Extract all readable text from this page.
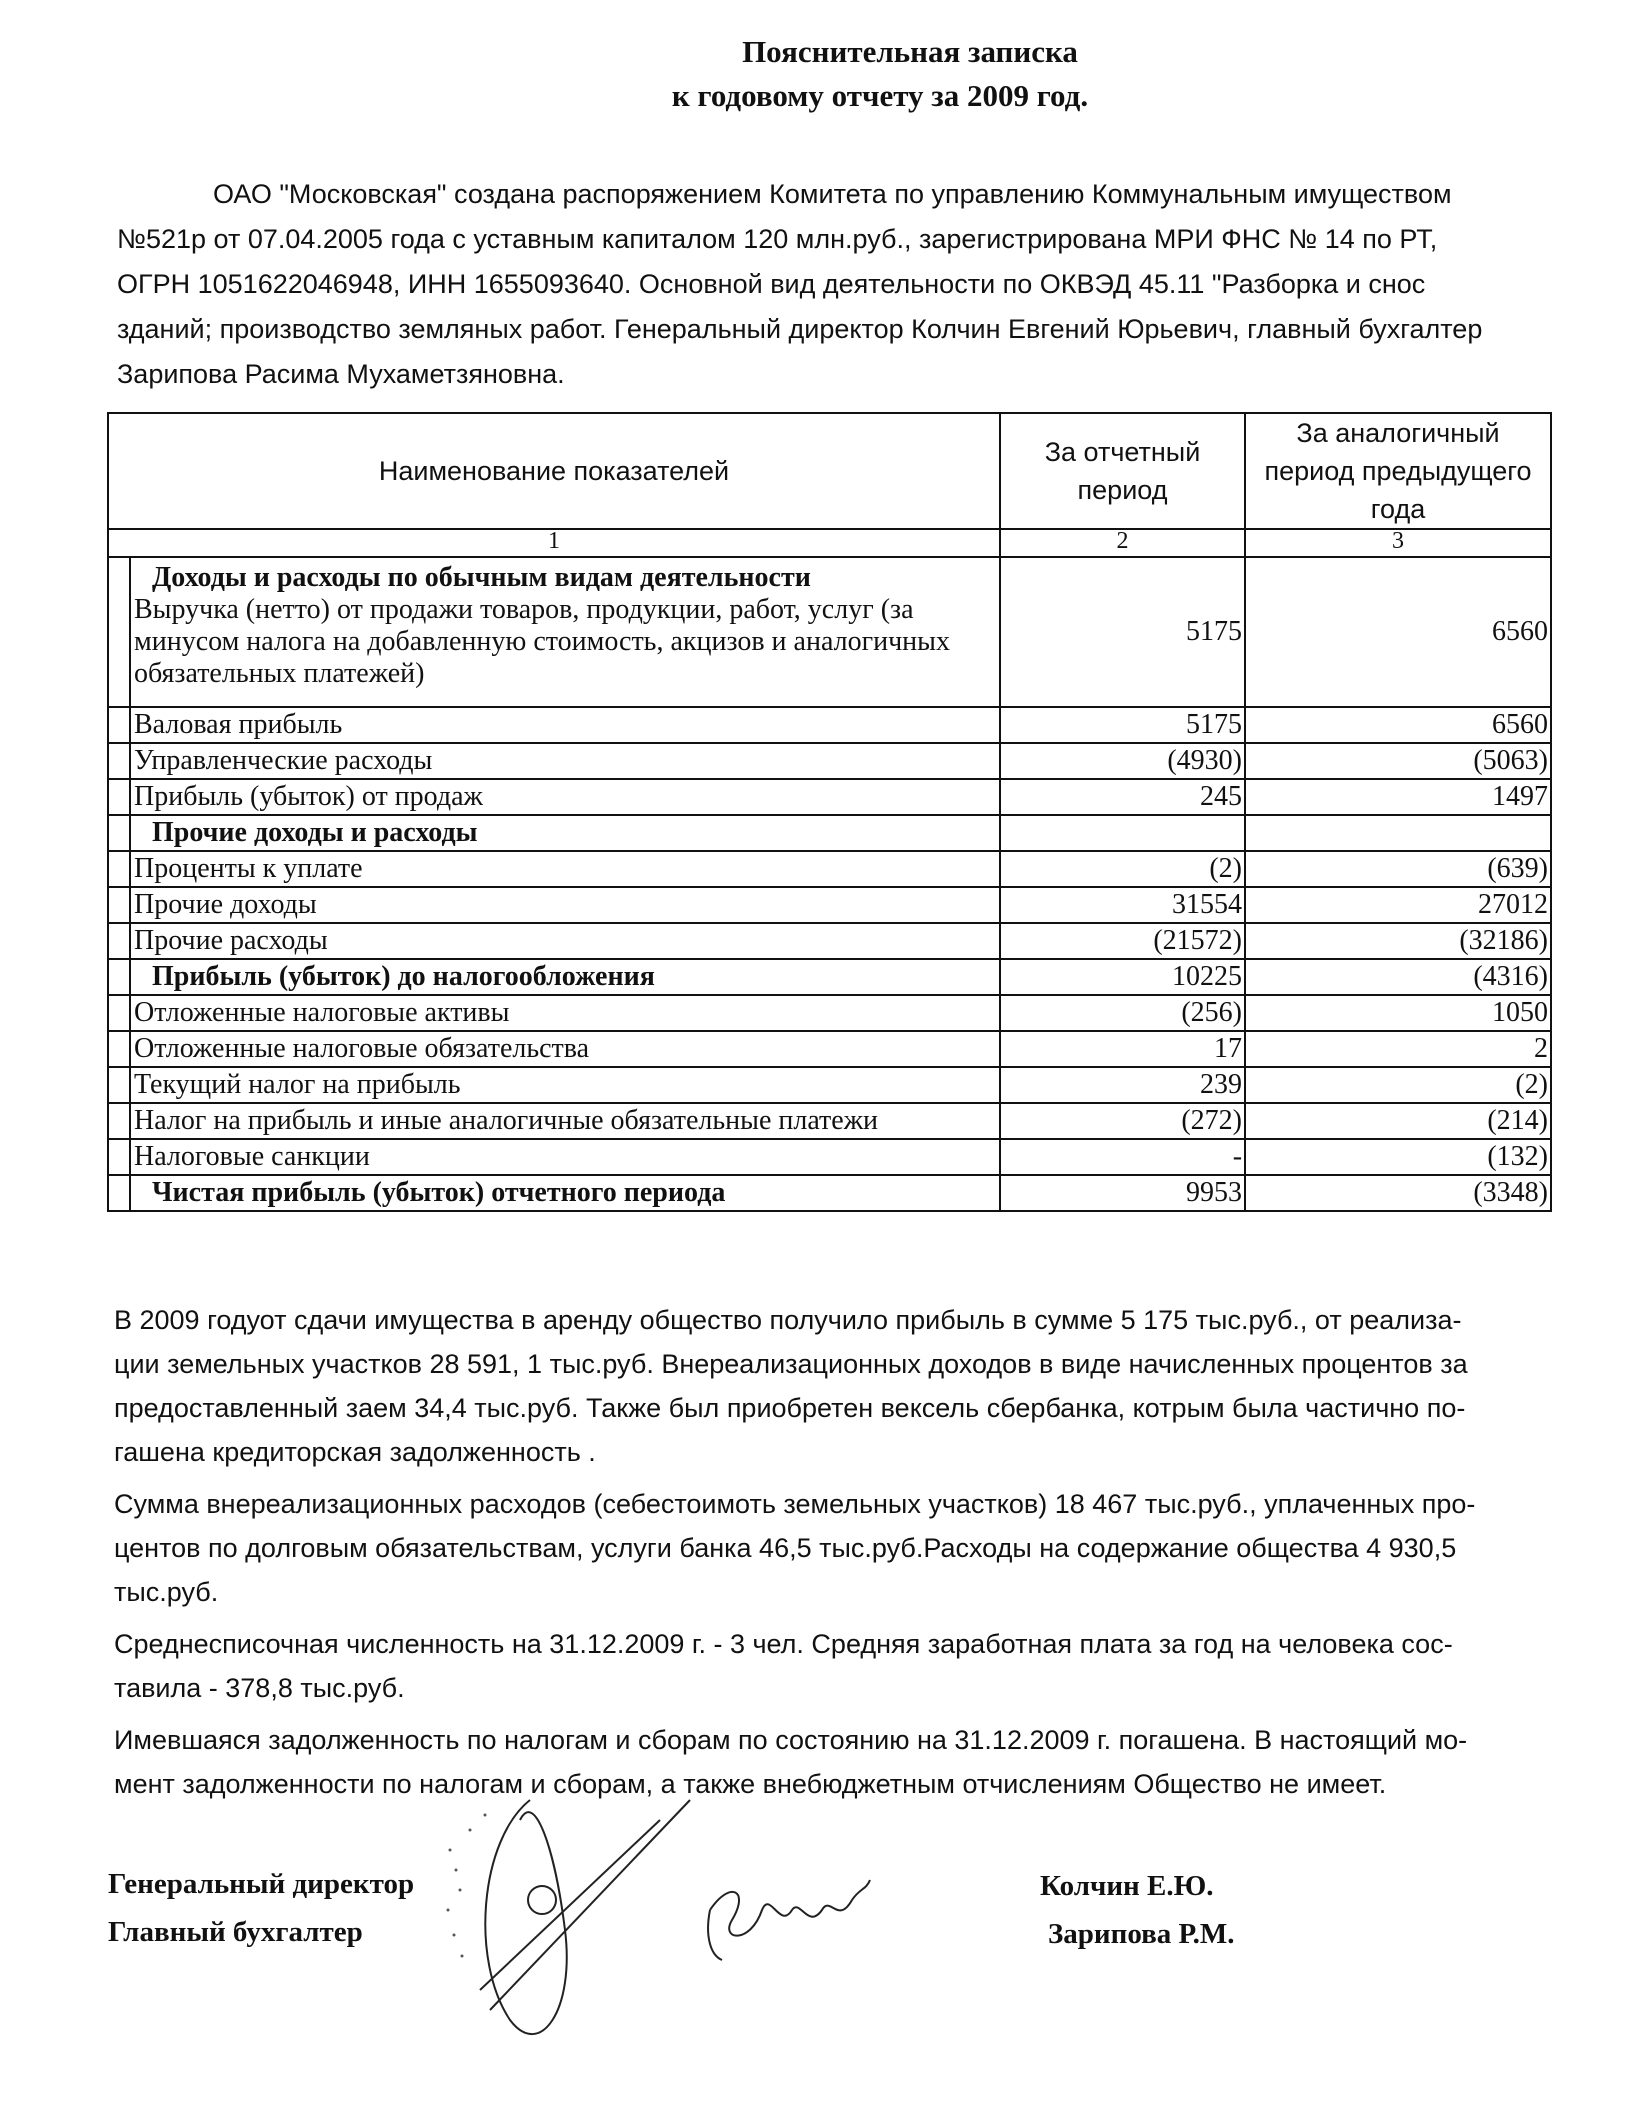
Пояснительная записка
к годовому отчету за 2009 год.
ОАО "Московская" создана распоряжением Комитета по управлению Коммунальным имуществом
№521р от 07.04.2005 года с уставным капиталом 120 млн.руб., зарегистрирована МРИ ФНС № 14 по РТ,
ОГРН 1051622046948, ИНН 1655093640. Основной вид деятельности по ОКВЭД 45.11 "Разборка и снос
зданий; производство земляных работ. Генеральный директор Колчин Евгений Юрьевич, главный бухгалтер
Зарипова Расима Мухаметзяновна.
Наименование показателей		За отчетный период	За аналогичный период предыдущего года
1		2	3
	Доходы и расходы по обычным видам деятельности
Выручка (нетто) от продажи товаров, продукции, работ, услуг (за минусом налога на добавленную стоимость, акцизов и аналогичных обязательных платежей)	5175	6560
	Валовая прибыль	5175	6560
	Управленческие расходы	(4930)	(5063)
	Прибыль (убыток) от продаж	245	1497
	Прочие доходы и расходы		
	Проценты к уплате	(2)	(639)
	Прочие доходы	31554	27012
	Прочие расходы	(21572)	(32186)
	Прибыль (убыток) до налогообложения	10225	(4316)
	Отложенные налоговые активы	(256)	1050
	Отложенные налоговые обязательства	17	2
	Текущий налог на прибыль	239	(2)
	Налог на прибыль и иные аналогичные обязательные платежи	(272)	(214)
	Налоговые санкции	-	(132)
	Чистая прибыль (убыток) отчетного периода	9953	(3348)
В 2009 годуот сдачи имущества в аренду общество получило прибыль в сумме 5 175 тыс.руб., от реализа-
ции земельных участков 28 591, 1 тыс.руб. Внереализационных доходов в виде начисленных процентов за
предоставленный заем 34,4 тыс.руб. Также был приобретен вексель сбербанка, котрым была частично по-
гашена кредиторская задолженность .
Сумма внереализационных расходов (себестоимоть земельных участков) 18 467 тыс.руб., уплаченных про-
центов по долговым обязательствам, услуги банка 46,5 тыс.руб.Расходы на содержание общества 4 930,5
тыс.руб.
Среднесписочная численность на 31.12.2009 г. - 3 чел. Средняя заработная плата за год на человека сос-
тавила - 378,8 тыс.руб.
Имевшаяся задолженность по налогам и сборам по состоянию на 31.12.2009 г. погашена. В настоящий мо-
мент задолженности по налогам и сборам, а также внебюджетным отчислениям Общество не имеет.
Генеральный директор
Главный бухгалтер
Колчин Е.Ю.
Зарипова Р.М.
